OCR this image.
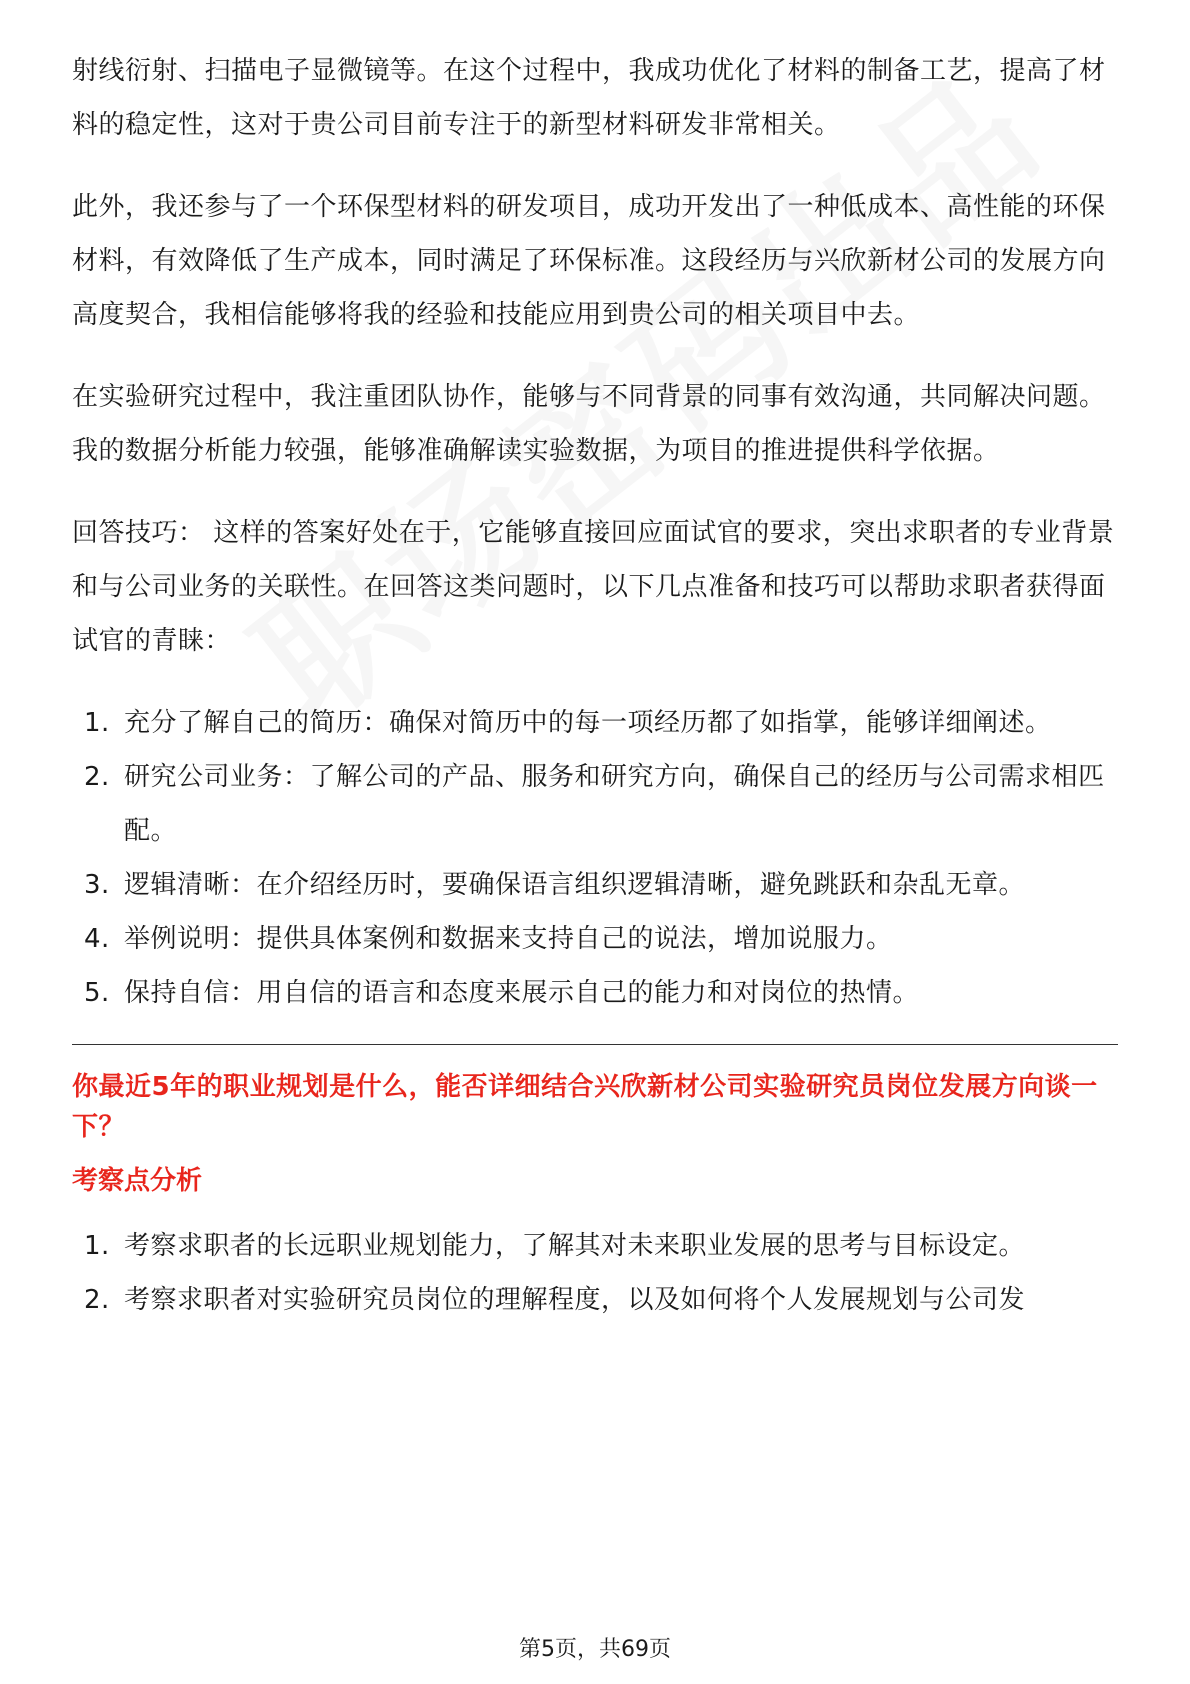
射线衍射、扫描电子显微镜等。在这个过程中，我成功优化了材料的制备工艺，提高了材料的稳定性，这对于贵公司目前专注于的新型材料研发非常相关。

此外，我还参与了一个环保型材料的研发项目，成功开发出了一种低成本、高性能的环保材料，有效降低了生产成本，同时满足了环保标准。这段经历与兴欣新材公司的发展方向高度契合，我相信能够将我的经验和技能应用到贵公司的相关项目中去。

在实验研究过程中，我注重团队协作，能够与不同背景的同事有效沟通，共同解决问题。我的数据分析能力较强，能够准确解读实验数据，为项目的推进提供科学依据。

回答技巧： 这样的答案好处在于，它能够直接回应面试官的要求，突出求职者的专业背景和与公司业务的关联性。在回答这类问题时，以下几点准备和技巧可以帮助求职者获得面试官的青睐：

1. 充分了解自己的简历：确保对简历中的每一项经历都了如指掌，能够详细阐述。
2. 研究公司业务：了解公司的产品、服务和研究方向，确保自己的经历与公司需求相匹配。
3. 逻辑清晰：在介绍经历时，要确保语言组织逻辑清晰，避免跳跃和杂乱无章。
4. 举例说明：提供具体案例和数据来支持自己的说法，增加说服力。
5. 保持自信：用自信的语言和态度来展示自己的能力和对岗位的热情。
你最近5年的职业规划是什么，能否详细结合兴欣新材公司实验研究员岗位发展方向谈一下？
考察点分析
1. 考察求职者的长远职业规划能力，了解其对未来职业发展的思考与目标设定。
2. 考察求职者对实验研究员岗位的理解程度，以及如何将个人发展规划与公司发
第5页，共69页
